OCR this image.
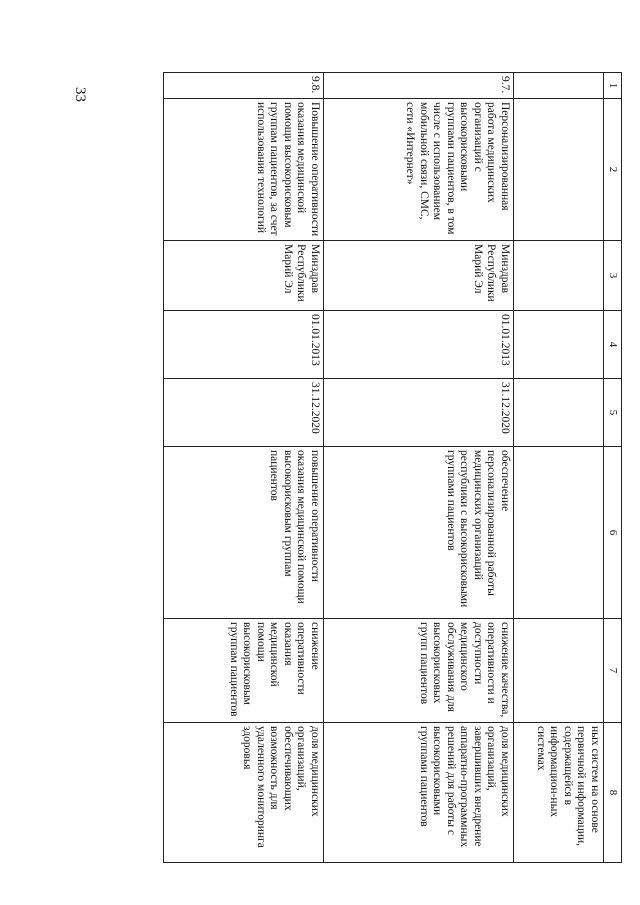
33
1	2	3	4	5	6	7	8
							ных систем на основе первичной информации, содержащейся в информацион-ных системах
9.7.	Персонализированная работа медицинских организаций с высокорисковыми группами пациентов, в том числе с использованием мобильной связи, СМС, сети «Интернет»	Минздрав Республики Марий Эл	01.01.2013	31.12.2020	обеспечение персонализированной работы медицинских организаций республики с высокорисковыми группами пациентов	снижение качества, оперативности и доступности медицинского обслуживания для высокорисковых групп пациентов	доля медицинских организаций, завершивших внедрение аппаратно-программных решений для работы с высокорисковыми группами пациентов
9.8.	Повышение оперативности оказания медицинской помощи высокорисковым группам пациентов, за счет использования технологий	Минздрав Республики Марий Эл	01.01.2013	31.12.2020	повышение оперативности оказания медицинской помощи высокорисковым группам пациентов	снижение оперативности оказания медицинской помощи высокорисковым группам пациентов	доля медицинских организаций, обеспечивающих возможность для удаленного мониторинга здоровья
